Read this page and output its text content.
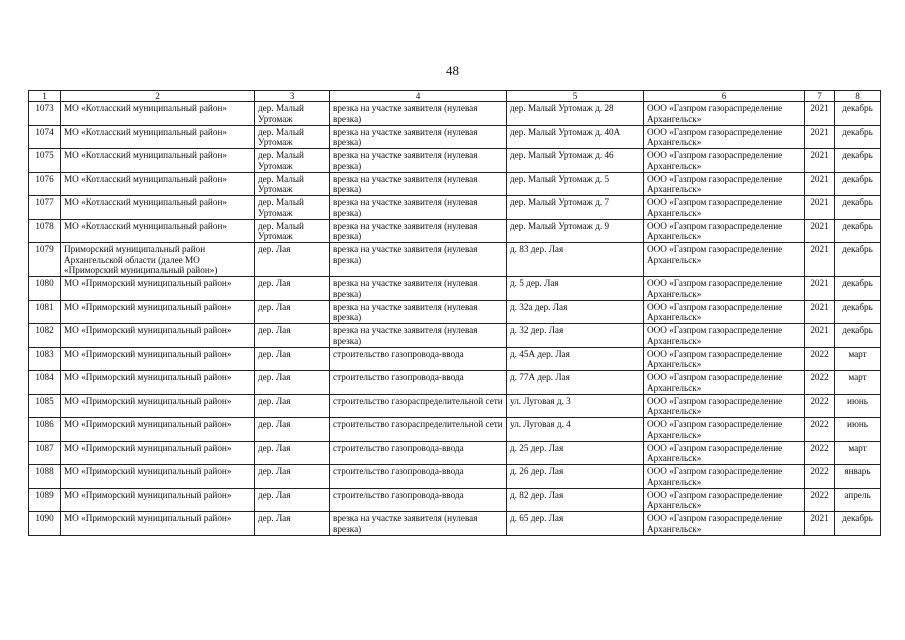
48
1	2	3	4	5	6	7	8
1073	МО «Котласский муниципальный район»	дер. Малый Уртомаж	врезка на участке заявителя (нулевая врезка)	дер. Малый Уртомаж д. 28	ООО «Газпром газораспределение Архангельск»	2021	декабрь
1074	МО «Котласский муниципальный район»	дер. Малый Уртомаж	врезка на участке заявителя (нулевая врезка)	дер. Малый Уртомаж д. 40А	ООО «Газпром газораспределение Архангельск»	2021	декабрь
1075	МО «Котласский муниципальный район»	дер. Малый Уртомаж	врезка на участке заявителя (нулевая врезка)	дер. Малый Уртомаж д. 46	ООО «Газпром газораспределение Архангельск»	2021	декабрь
1076	МО «Котласский муниципальный район»	дер. Малый Уртомаж	врезка на участке заявителя (нулевая врезка)	дер. Малый Уртомаж д. 5	ООО «Газпром газораспределение Архангельск»	2021	декабрь
1077	МО «Котласский муниципальный район»	дер. Малый Уртомаж	врезка на участке заявителя (нулевая врезка)	дер. Малый Уртомаж д. 7	ООО «Газпром газораспределение Архангельск»	2021	декабрь
1078	МО «Котласский муниципальный район»	дер. Малый Уртомаж	врезка на участке заявителя (нулевая врезка)	дер. Малый Уртомаж д. 9	ООО «Газпром газораспределение Архангельск»	2021	декабрь
1079	Приморский муниципальный район Архангельской области (далее МО «Приморский муниципальный район»)	дер. Лая	врезка на участке заявителя (нулевая врезка)	д. 83 дер. Лая	ООО «Газпром газораспределение Архангельск»	2021	декабрь
1080	МО «Приморский муниципальный район»	дер. Лая	врезка на участке заявителя (нулевая врезка)	д. 5 дер. Лая	ООО «Газпром газораспределение Архангельск»	2021	декабрь
1081	МО «Приморский муниципальный район»	дер. Лая	врезка на участке заявителя (нулевая врезка)	д. 32а дер. Лая	ООО «Газпром газораспределение Архангельск»	2021	декабрь
1082	МО «Приморский муниципальный район»	дер. Лая	врезка на участке заявителя (нулевая врезка)	д. 32 дер. Лая	ООО «Газпром газораспределение Архангельск»	2021	декабрь
1083	МО «Приморский муниципальный район»	дер. Лая	строительство газопровода-ввода	д. 45А дер. Лая	ООО «Газпром газораспределение Архангельск»	2022	март
1084	МО «Приморский муниципальный район»	дер. Лая	строительство газопровода-ввода	д. 77А дер. Лая	ООО «Газпром газораспределение Архангельск»	2022	март
1085	МО «Приморский муниципальный район»	дер. Лая	строительство газораспределительной сети	ул. Луговая д. 3	ООО «Газпром газораспределение Архангельск»	2022	июнь
1086	МО «Приморский муниципальный район»	дер. Лая	строительство газораспределительной сети	ул. Луговая д. 4	ООО «Газпром газораспределение Архангельск»	2022	июнь
1087	МО «Приморский муниципальный район»	дер. Лая	строительство газопровода-ввода	д. 25 дер. Лая	ООО «Газпром газораспределение Архангельск»	2022	март
1088	МО «Приморский муниципальный район»	дер. Лая	строительство газопровода-ввода	д. 26 дер. Лая	ООО «Газпром газораспределение Архангельск»	2022	январь
1089	МО «Приморский муниципальный район»	дер. Лая	строительство газопровода-ввода	д. 82 дер. Лая	ООО «Газпром газораспределение Архангельск»	2022	апрель
1090	МО «Приморский муниципальный район»	дер. Лая	врезка на участке заявителя (нулевая врезка)	д. 65 дер. Лая	ООО «Газпром газораспределение Архангельск»	2021	декабрь
